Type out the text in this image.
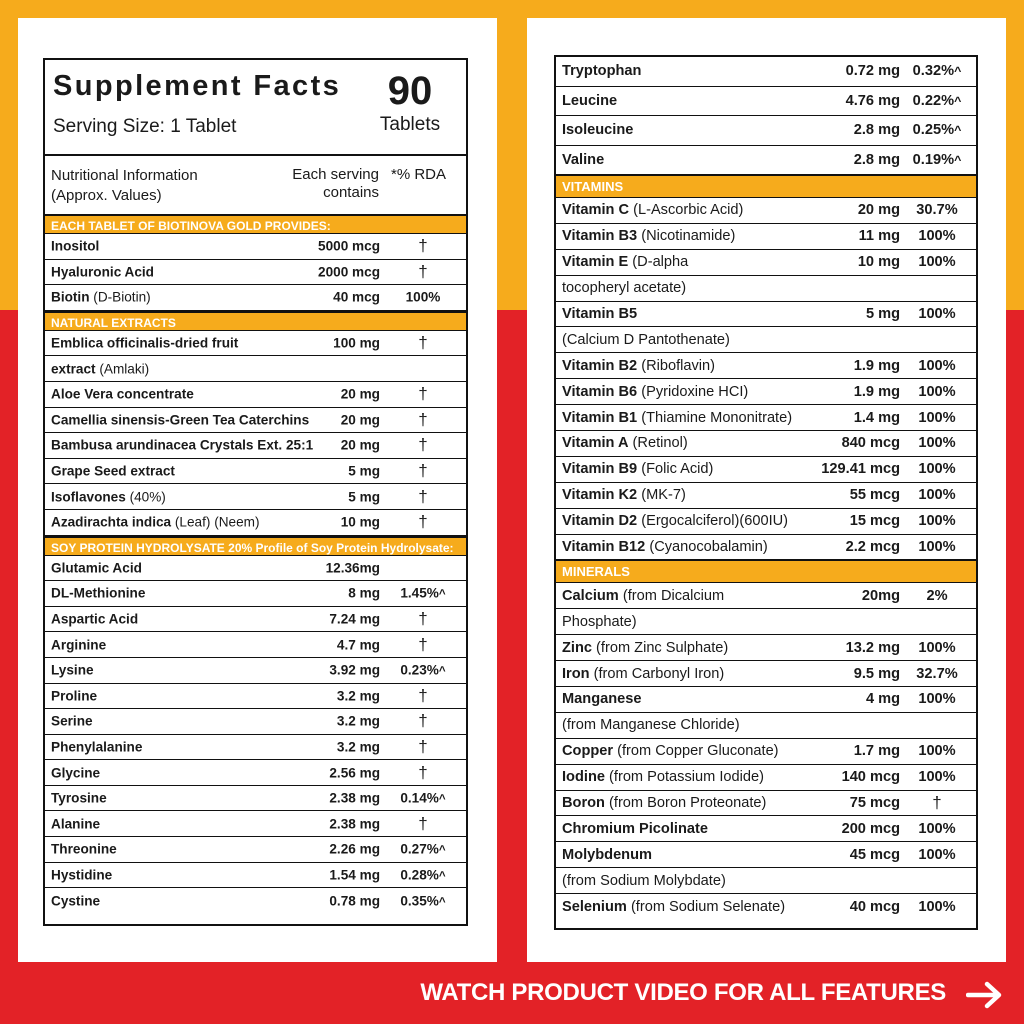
Supplement Facts
Serving Size: 1 Tablet
90
Tablets
Nutritional Information
(Approx. Values)
Each serving
contains
*% RDA
EACH TABLET OF BIOTINOVA GOLD PROVIDES:
Inositol	5000 mcg	†
Hyaluronic Acid	2000 mcg	†
Biotin (D-Biotin)	40 mcg	100%
NATURAL EXTRACTS
Emblica officinalis-dried fruit	100 mg	†
extract (Amlaki)
Aloe Vera concentrate	20 mg	†
Camellia sinensis-Green Tea Caterchins	20 mg	†
Bambusa arundinacea Crystals Ext. 25:1	20 mg	†
Grape Seed extract	5 mg	†
Isoflavones (40%)	5 mg	†
Azadirachta indica (Leaf) (Neem)	10 mg	†
SOY PROTEIN HYDROLYSATE 20% Profile of Soy Protein Hydrolysate:
Glutamic Acid	12.36mg
DL-Methionine	8 mg	1.45%^
Aspartic Acid	7.24 mg	†
Arginine	4.7 mg	†
Lysine	3.92 mg	0.23%^
Proline	3.2 mg	†
Serine	3.2 mg	†
Phenylalanine	3.2 mg	†
Glycine	2.56 mg	†
Tyrosine	2.38 mg	0.14%^
Alanine	2.38 mg	†
Threonine	2.26 mg	0.27%^
Hystidine	1.54 mg	0.28%^
Cystine	0.78 mg	0.35%^
Tryptophan	0.72 mg 0.32%^
Leucine	4.76 mg 0.22%^
Isoleucine	2.8 mg 0.25%^
Valine	2.8 mg 0.19%^
VITAMINS
Vitamin C (L-Ascorbic Acid)	20 mg	30.7%
Vitamin B3 (Nicotinamide)	11 mg	100%
Vitamin E (D-alpha	10 mg	100%
tocopheryl acetate)
Vitamin B5	5 mg	100%
(Calcium D Pantothenate)
Vitamin B2 (Riboflavin)	1.9 mg	100%
Vitamin B6 (Pyridoxine HCI)	1.9 mg	100%
Vitamin B1 (Thiamine Mononitrate)	1.4 mg	100%
Vitamin A (Retinol)	840 mcg	100%
Vitamin B9 (Folic Acid)	129.41 mcg	100%
Vitamin K2 (MK-7)	55 mcg	100%
Vitamin D2 (Ergocalciferol)(600IU)	15 mcg	100%
Vitamin B12 (Cyanocobalamin)	2.2 mcg	100%
MINERALS
Calcium (from Dicalcium	20mg	2%
Phosphate)
Zinc (from Zinc Sulphate)	13.2 mg	100%
Iron (from Carbonyl Iron)	9.5 mg	32.7%
Manganese	4 mg	100%
(from Manganese Chloride)
Copper (from Copper Gluconate)	1.7 mg	100%
Iodine (from Potassium Iodide)	140 mcg	100%
Boron (from Boron Proteonate)	75 mcg	†
Chromium Picolinate	200 mcg	100%
Molybdenum	45 mcg	100%
(from Sodium Molybdate)
Selenium (from Sodium Selenate)	40 mcg	100%
WATCH PRODUCT VIDEO FOR ALL FEATURES
